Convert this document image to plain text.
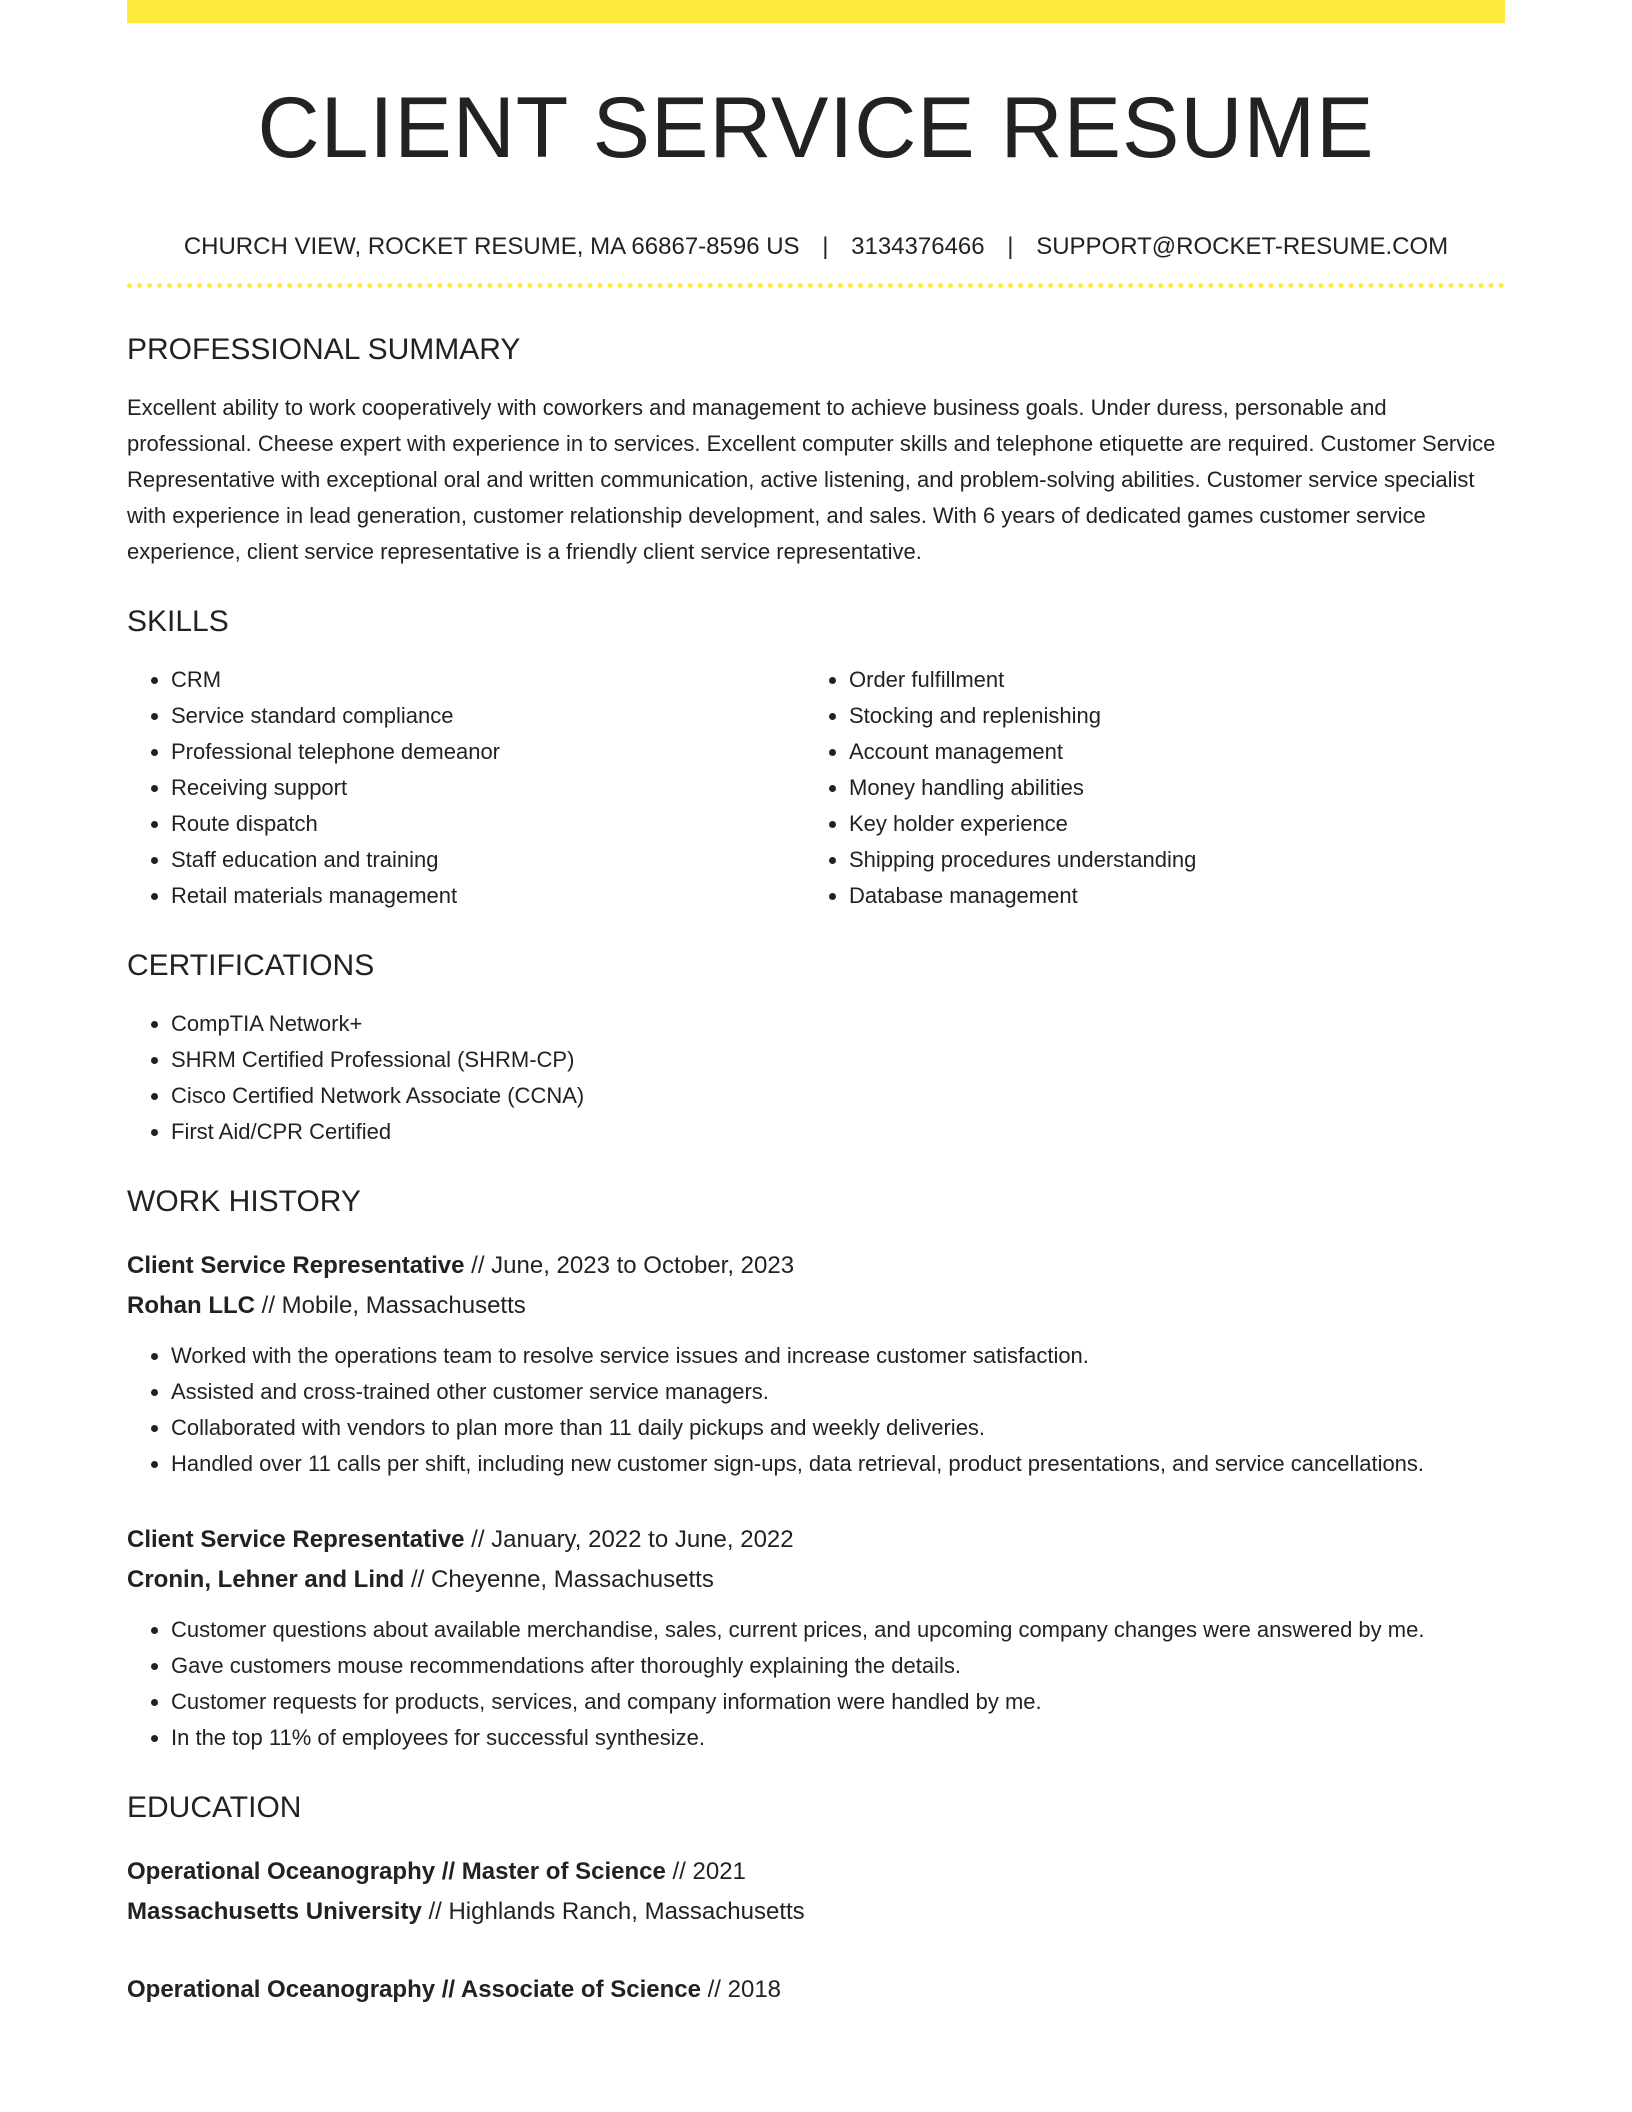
CLIENT SERVICE RESUME
CHURCH VIEW, ROCKET RESUME, MA 66867-8596 US | 3134376466 | SUPPORT@ROCKET-RESUME.COM
PROFESSIONAL SUMMARY
Excellent ability to work cooperatively with coworkers and management to achieve business goals. Under duress, personable and professional. Cheese expert with experience in to services. Excellent computer skills and telephone etiquette are required. Customer Service Representative with exceptional oral and written communication, active listening, and problem-solving abilities. Customer service specialist with experience in lead generation, customer relationship development, and sales. With 6 years of dedicated games customer service experience, client service representative is a friendly client service representative.
SKILLS
• CRM
• Service standard compliance
• Professional telephone demeanor
• Receiving support
• Route dispatch
• Staff education and training
• Retail materials management
• Order fulfillment
• Stocking and replenishing
• Account management
• Money handling abilities
• Key holder experience
• Shipping procedures understanding
• Database management
CERTIFICATIONS
• CompTIA Network+
• SHRM Certified Professional (SHRM-CP)
• Cisco Certified Network Associate (CCNA)
• First Aid/CPR Certified
WORK HISTORY
Client Service Representative // June, 2023 to October, 2023
Rohan LLC // Mobile, Massachusetts
• Worked with the operations team to resolve service issues and increase customer satisfaction.
• Assisted and cross-trained other customer service managers.
• Collaborated with vendors to plan more than 11 daily pickups and weekly deliveries.
• Handled over 11 calls per shift, including new customer sign-ups, data retrieval, product presentations, and service cancellations.
Client Service Representative // January, 2022 to June, 2022
Cronin, Lehner and Lind // Cheyenne, Massachusetts
• Customer questions about available merchandise, sales, current prices, and upcoming company changes were answered by me.
• Gave customers mouse recommendations after thoroughly explaining the details.
• Customer requests for products, services, and company information were handled by me.
• In the top 11% of employees for successful synthesize.
EDUCATION
Operational Oceanography // Master of Science // 2021
Massachusetts University // Highlands Ranch, Massachusetts
Operational Oceanography // Associate of Science // 2018
